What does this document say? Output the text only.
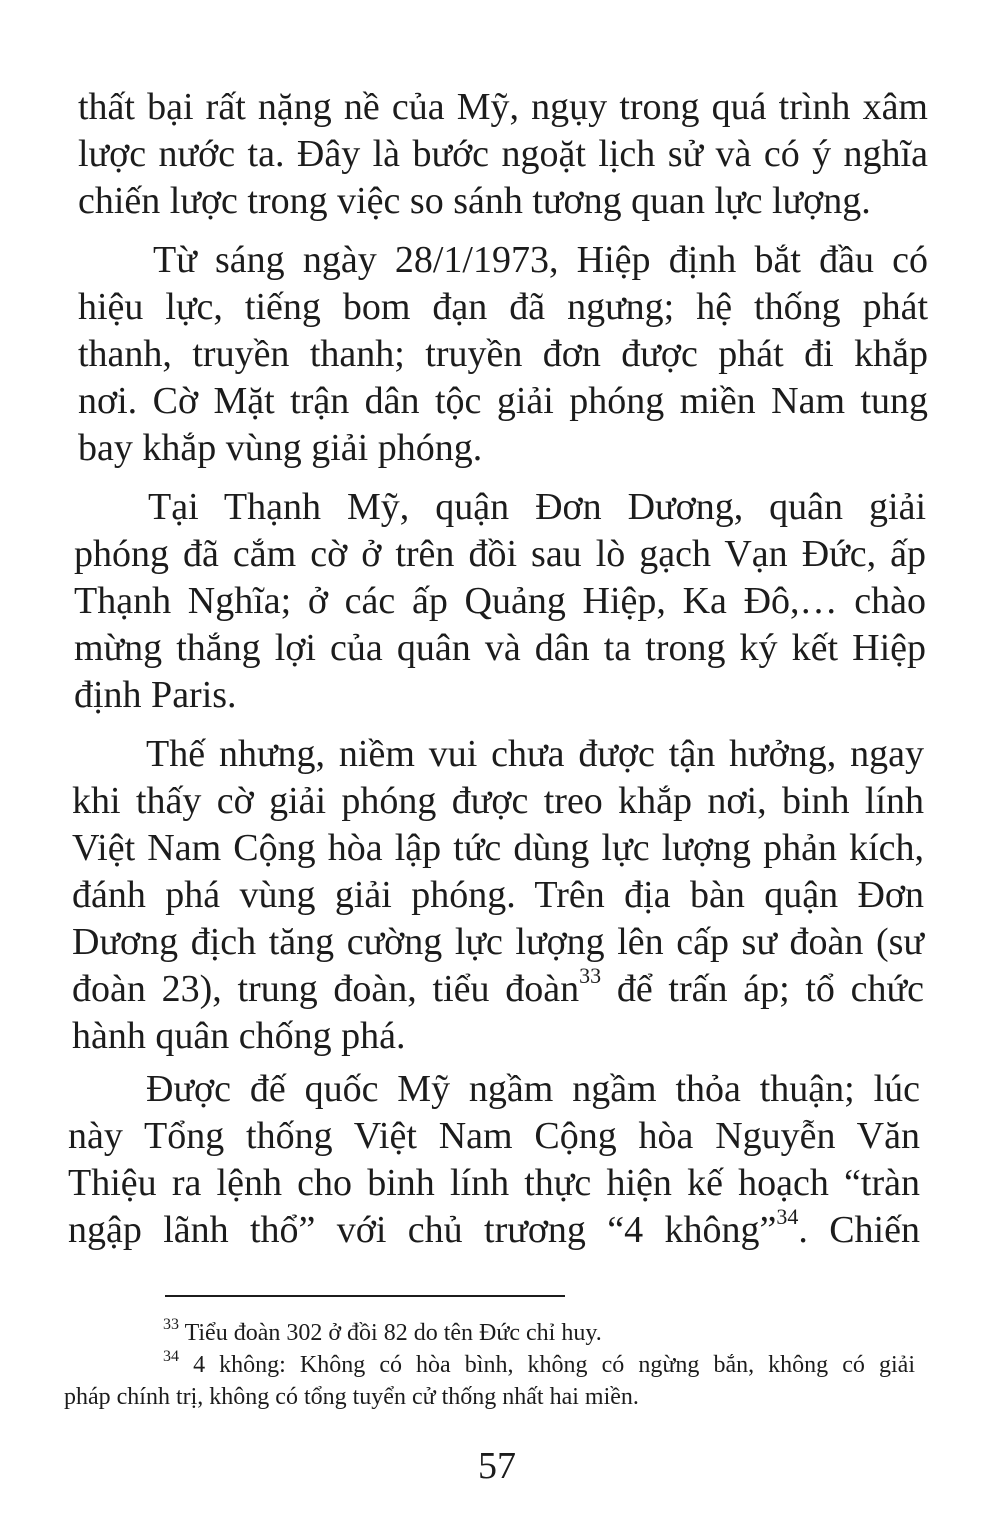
thất bại rất nặng nề của Mỹ, ngụy trong quá trình xâm
lược nước ta. Đây là bước ngoặt lịch sử và có ý nghĩa
chiến lược trong việc so sánh tương quan lực lượng.
Từ sáng ngày 28/1/1973, Hiệp định bắt đầu có
hiệu lực, tiếng bom đạn đã ngưng; hệ thống phát
thanh, truyền thanh; truyền đơn được phát đi khắp
nơi. Cờ Mặt trận dân tộc giải phóng miền Nam tung
bay khắp vùng giải phóng.
Tại Thạnh Mỹ, quận Đơn Dương, quân giải
phóng đã cắm cờ ở trên đồi sau lò gạch Vạn Đức, ấp
Thạnh Nghĩa; ở các ấp Quảng Hiệp, Ka Đô,… chào
mừng thắng lợi của quân và dân ta trong ký kết Hiệp
định Paris.
Thế nhưng, niềm vui chưa được tận hưởng, ngay
khi thấy cờ giải phóng được treo khắp nơi, binh lính
Việt Nam Cộng hòa lập tức dùng lực lượng phản kích,
đánh phá vùng giải phóng. Trên địa bàn quận Đơn
Dương địch tăng cường lực lượng lên cấp sư đoàn (sư
đoàn 23), trung đoàn, tiểu đoàn$^{33}$ để trấn áp; tổ chức
hành quân chống phá.
Được đế quốc Mỹ ngầm ngầm thỏa thuận; lúc
này Tổng thống Việt Nam Cộng hòa Nguyễn Văn
Thiệu ra lệnh cho binh lính thực hiện kế hoạch “tràn
ngập lãnh thổ” với chủ trương “4 không”$^{34}$. Chiến
$^{33}$ Tiểu đoàn 302 ở đồi 82 do tên Đức chỉ huy.
$^{34}$ 4 không: Không có hòa bình, không có ngừng bắn, không có giải
pháp chính trị, không có tổng tuyển cử thống nhất hai miền.
57
